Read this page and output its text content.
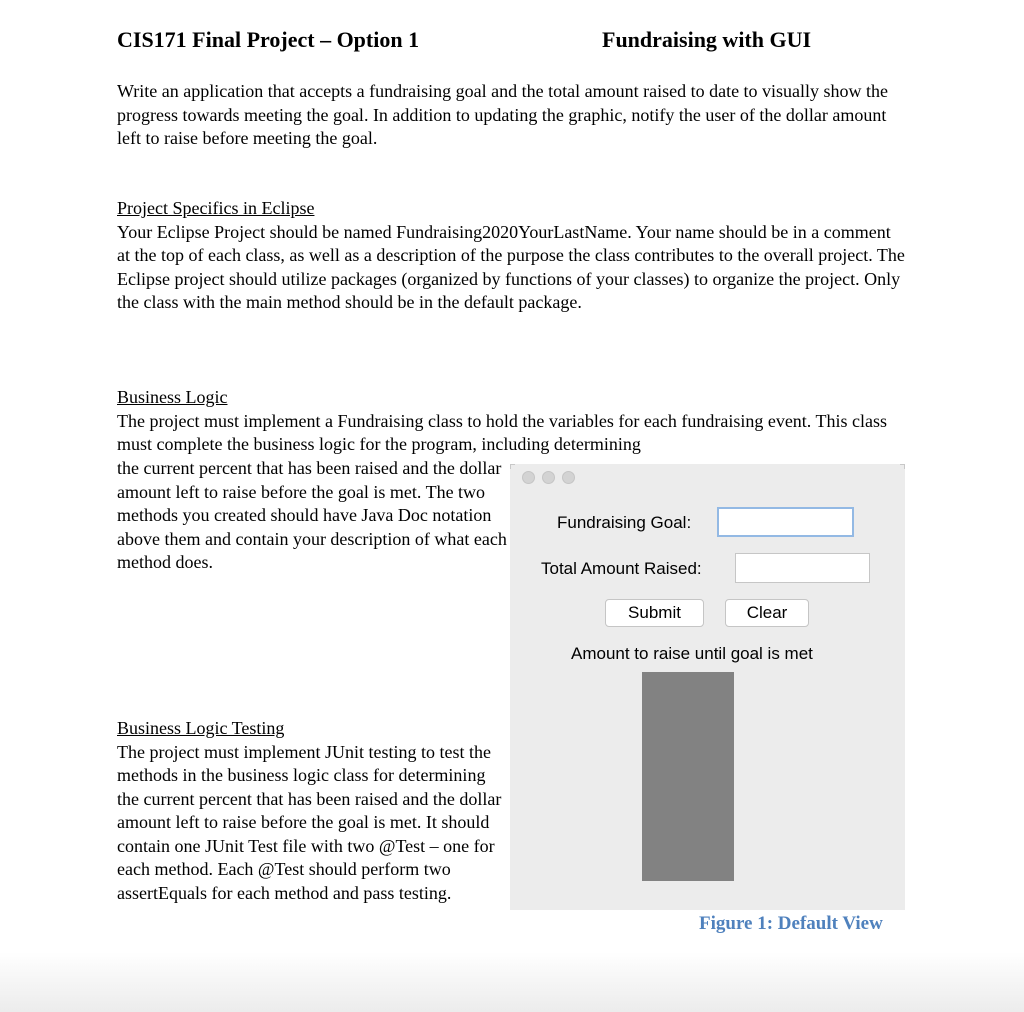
CIS171 Final Project – Option 1	Fundraising with GUI
Write an application that accepts a fundraising goal and the total amount raised to date to visually show the progress towards meeting the goal. In addition to updating the graphic, notify the user of the dollar amount left to raise before meeting the goal.
Project Specifics in Eclipse
Your Eclipse Project should be named Fundraising2020YourLastName. Your name should be in a comment at the top of each class, as well as a description of the purpose the class contributes to the overall project. The Eclipse project should utilize packages (organized by functions of your classes) to organize the project. Only the class with the main method should be in the default package.
Business Logic
The project must implement a Fundraising class to hold the variables for each fundraising event. This class must complete the business logic for the program, including determining
the current percent that has been raised and the dollar amount left to raise before the goal is met. The two methods you created should have Java Doc notation above them and contain your description of what each method does.
Business Logic Testing
The project must implement JUnit testing to test the methods in the business logic class for determining the current percent that has been raised and the dollar amount left to raise before the goal is met. It should contain one JUnit Test file with two @Test – one for each method. Each @Test should perform two assertEquals for each method and pass testing.
Fundraising Goal:
Total Amount Raised:
Submit	Clear
Amount to raise until goal is met
Figure 1: Default View
